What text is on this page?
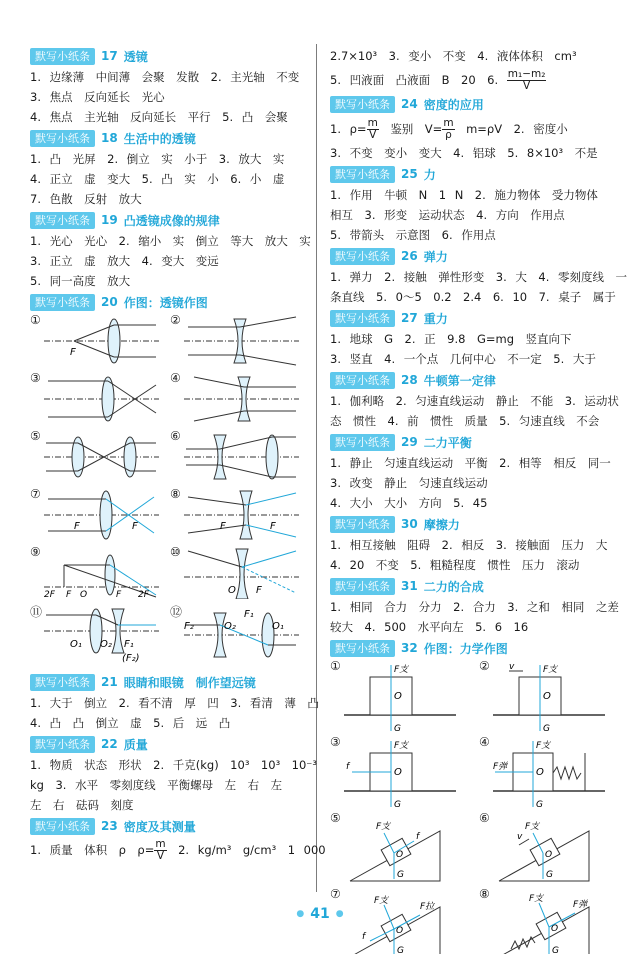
默写小纸条 17 透镜
1. 边缘薄　中间薄　会聚　发散　2. 主光轴　不变
3. 焦点　反向延长　光心
4. 焦点　主光轴　反向延长　平行　5. 凸　会聚
默写小纸条 18 生活中的透镜
1. 凸　光屏　2. 倒立　实　小于　3. 放大　实
4. 正立　虚　变大　5. 凸　实　小　6. 小　虚
7. 色散　反射　放大
默写小纸条 19 凸透镜成像的规律
1. 光心　光心　2. 缩小　实　倒立　等大　放大　实
3. 正立　虚　放大　4. 变大　变远
5. 同一高度　放大
默写小纸条 20 作图：透镜作图
①
F
②
③	④
⑤	⑥
⑦
F	F
⑧
F	F
⑨
2F F O	F 2F
⑩
O F
⑪
O₁ O₂ F₁
(F₂)
⑫
F₂	O₂
F₁
O₁
默写小纸条 21 眼睛和眼镜　制作望远镜
1. 大于　倒立　2. 看不清　厚　凹　3. 看清　薄　凸
4. 凸　凸　倒立　虚　5. 后　远　凸
默写小纸条 22 质量
1. 物质　状态　形状　2. 千克(kg)　10³　10³　10⁻³
kg　3. 水平　零刻度线　平衡螺母　左　右　左
左　右　砝码　刻度
默写小纸条 23 密度及其测量
1. 质量　体积　ρ　$\rho= \frac{m}{V}$
　 2. kg/m³　g/cm³　1 000
2.7×10³　3. 变小　不变　4. 液体体积　cm³
5. 凹液面　凸液面　B　20　6. $\frac{\text{m₁−m₂}}{V}$
默写小纸条 24 密度的应用
1. $\rho= \frac{m}{V}$
　 鉴别　$V= \frac{m}{\rho}$
　 m=ρV　2. 密度小
3. 不变　变小　变大　4. 铝球　5. 8×10³　不是
默写小纸条 25 力
1. 作用　牛顿　N　1 N　2. 施力物体　受力物体
相互　3. 形变　运动状态　4. 方向　作用点
5. 带箭头　示意图　6. 作用点
默写小纸条 26 弹力
1. 弹力　2. 接触　弹性形变　3. 大　4. 零刻度线　一
条直线　5. 0～5　0.2　2.4　6. 10　7. 桌子　属于
默写小纸条 27 重力
1. 地球　G　2. 正　9.8　G=mg　竖直向下
3. 竖直　4. 一个点　几何中心　不一定　5. 大于
默写小纸条 28 牛顿第一定律
1. 伽利略　2. 匀速直线运动　静止　不能　3. 运动状
态　惯性　4. 前　惯性　质量　5. 匀速直线　不会
默写小纸条 29 二力平衡
1. 静止　匀速直线运动　平衡　2. 相等　相反　同一
3. 改变　静止　匀速直线运动
4. 大小　大小　方向　5. 45
默写小纸条 30 摩擦力
1. 相互接触　阻碍　2. 相反　3. 接触面　压力　大
4. 20　不变　5. 粗糙程度　惯性　压力　滚动
默写小纸条 31 二力的合成
1. 相同　合力　分力　2. 合力　3. 之和　相同　之差
较大　4. 500　水平向左　5. 6　16
默写小纸条 32 作图：力学作图
①
O
F支
G
② v
O
F支
G
③
f	O
F支
G
④
F弹	O
F支
G
⑤
O
F支
G
f
⑥
v
O
F支
G
⑦
O
F支
G
f
F拉
⑧
O
F支
G
F弹
● 41 ●
